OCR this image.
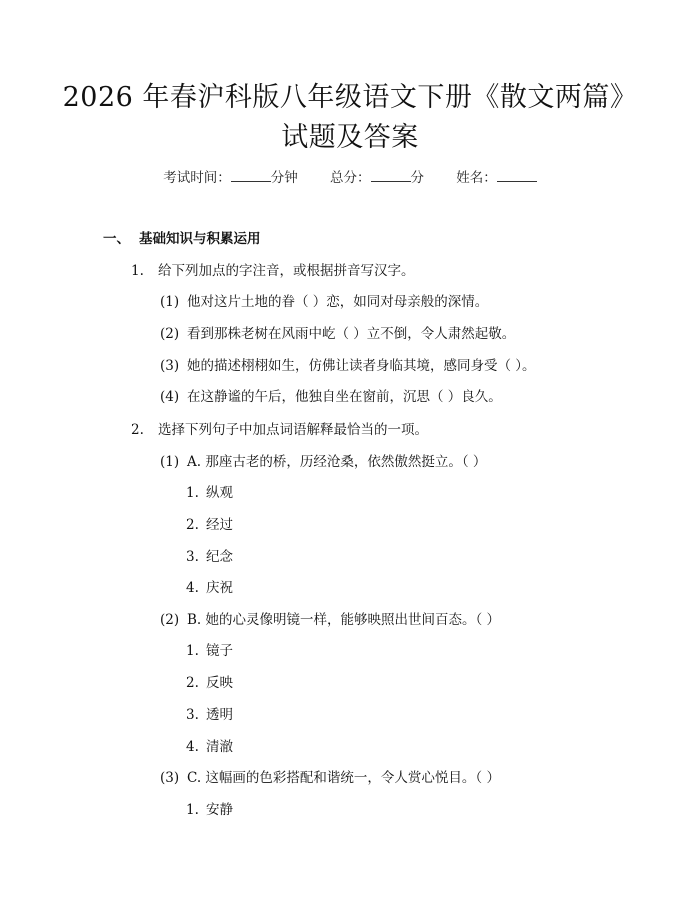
2026 年春沪科版八年级语文下册《散文两篇》试题及答案
考试时间：	分钟 总分：	分 姓名：
一、 基础知识与积累运用
1. 给下列加点的字注音，或根据拼音写汉字。
(1) 他对这片土地的眷（ ）恋，如同对母亲般的深情。
(2) 看到那株老树在风雨中屹（ ）立不倒，令人肃然起敬。
(3) 她的描述栩栩如生，仿佛让读者身临其境，感同身受（ ）。
(4) 在这静谧的午后，他独自坐在窗前，沉思（ ）良久。
2. 选择下列句子中加点词语解释最恰当的一项。
(1) A. 那座古老的桥，历经沧桑，依然傲然挺立。（ ）
1. 纵观
2. 经过
3. 纪念
4. 庆祝
(2) B. 她的心灵像明镜一样，能够映照出世间百态。（ ）
1. 镜子
2. 反映
3. 透明
4. 清澈
(3) C. 这幅画的色彩搭配和谐统一，令人赏心悦目。（ ）
1. 安静
